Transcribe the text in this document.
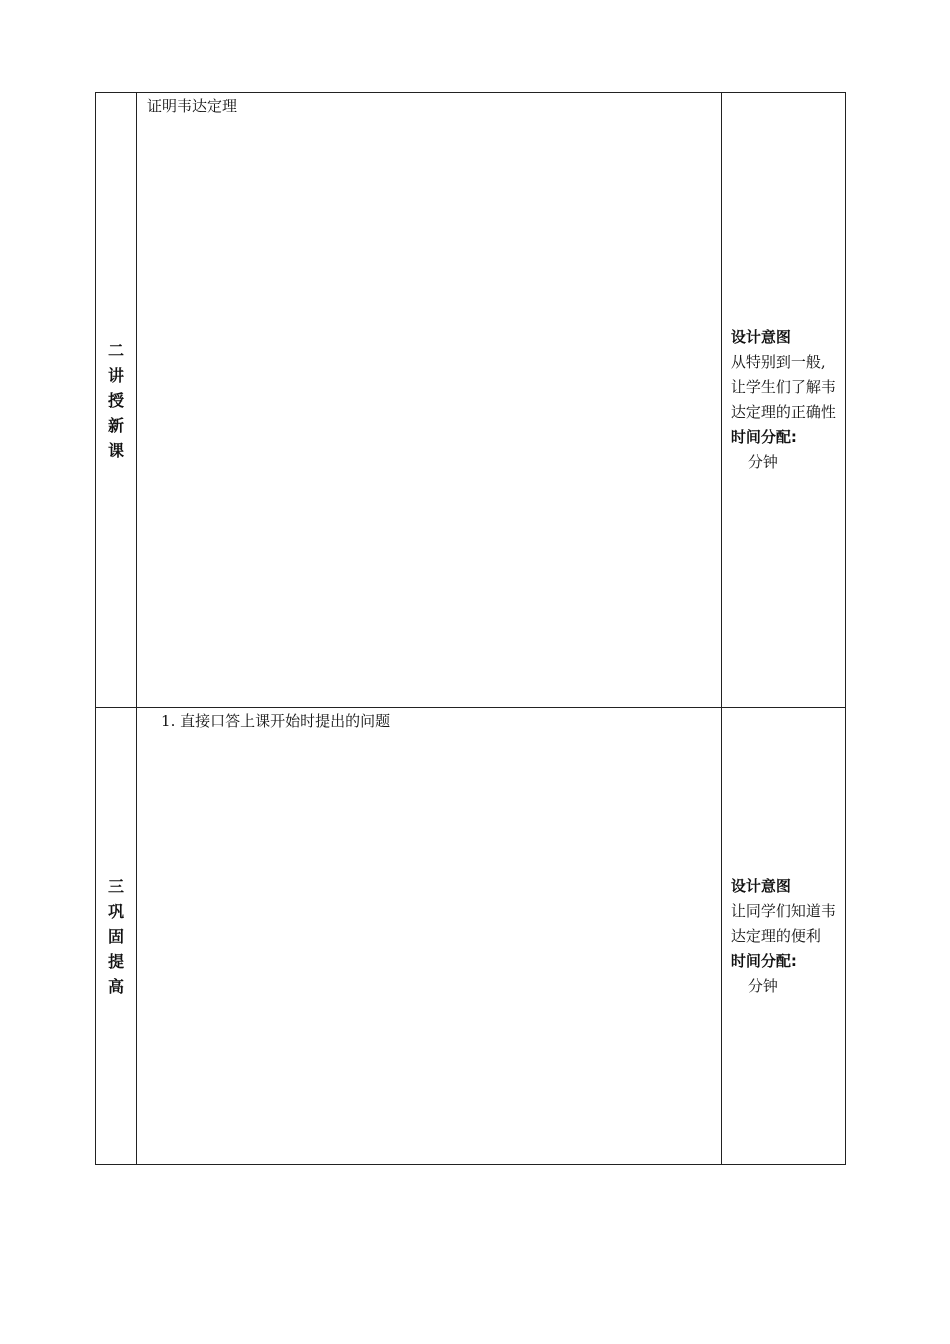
二讲授新课	证明韦达定理	设计意图
从特别到一般,让学生们了解韦达定理的正确性
时间分配:
分钟

三巩固提高	1. 直接口答上课开始时提出的问题	设计意图
让同学们知道韦达定理的便利
时间分配:
分钟
